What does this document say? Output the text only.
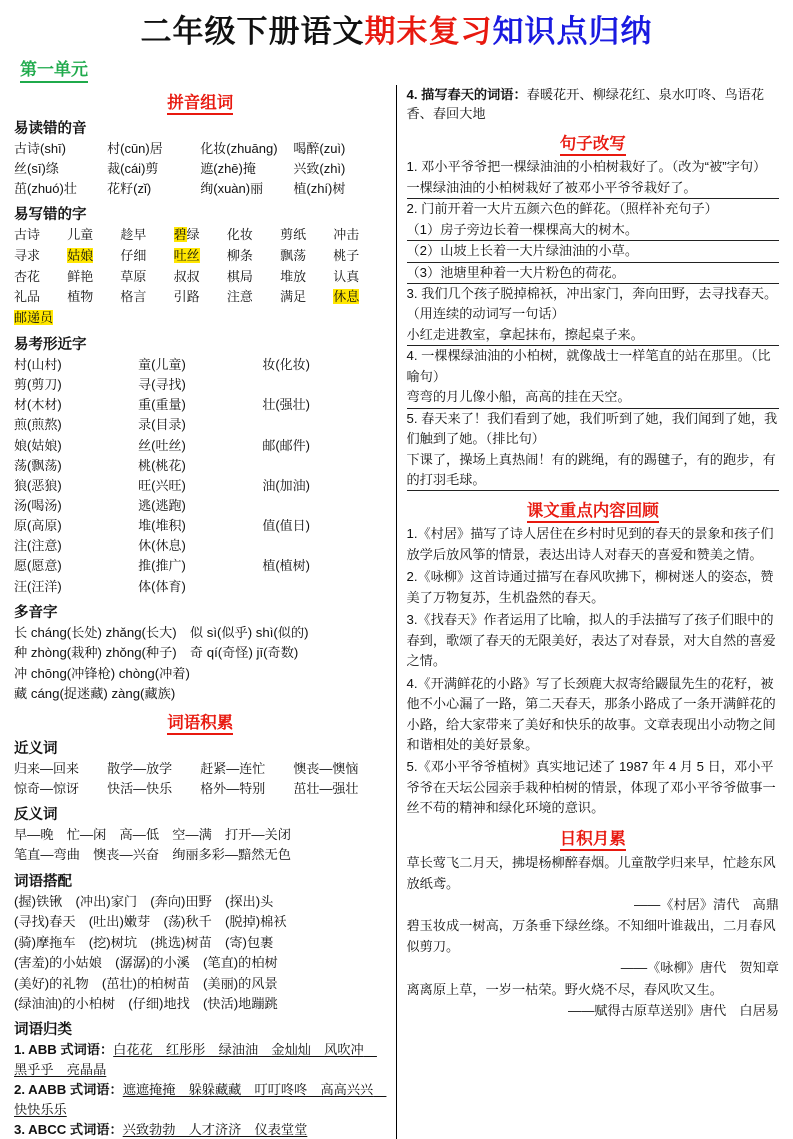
二年级下册语文期末复习知识点归纳
第一单元
拼音组词
易读错的音
古诗(shī)	村(cūn)居	化妆(zhuāng)	喝醉(zuì)
丝(sī)绦	裁(cái)剪	遮(zhē)掩	兴致(zhì)
茁(zhuó)壮	花籽(zǐ)	绚(xuàn)丽	植(zhí)树
易写错的字
古诗	儿童	趁早	碧绿	化妆	剪纸	冲击
寻求	姑娘	仔细	吐丝	柳条	飘荡	桃子
杏花	鲜艳	草原	叔叔	棋局	堆放	认真
礼品	植物	格言	引路	注意	满足	休息
邮递员
易考形近字
村(山村)	童(儿童)	妆(化妆)
剪(剪刀)	寻(寻找)
材(木材)	重(重量)	壮(强壮)
煎(煎熬)	录(目录)
娘(姑娘)	丝(吐丝)	邮(邮件)
荡(飘荡)	桃(桃花)
狼(恶狼)	旺(兴旺)	油(加油)
汤(喝汤)	逃(逃跑)
原(高原)	堆(堆积)	值(值日)
注(注意)	休(休息)
愿(愿意)	推(推广)	植(植树)
汪(汪洋)	体(体育)
多音字
长 cháng(长处) zhǎng(长大)　似 sì(似乎) shì(似的)
种 zhòng(栽种) zhǒng(种子)　奇 qí(奇怪) jī(奇数)
冲 chōng(冲锋枪) chòng(冲着)
藏 cáng(捉迷藏) zàng(藏族)
词语积累
近义词
归来—回来	散学—放学	赶紧—连忙	懊丧—懊恼
惊奇—惊讶	快活—快乐	格外—特别	茁壮—强壮
反义词
早—晚　忙—闲　高—低　空—满　打开—关闭
笔直—弯曲　懊丧—兴奋　绚丽多彩—黯然无色
词语搭配
(握)铁锹　(冲出)家门　(奔向)田野　(探出)头
(寻找)春天　(吐出)嫩芽　(荡)秋千　(脱掉)棉袄
(骑)摩拖车　(挖)树坑　(挑选)树苗　(寄)包裹
(害羞)的小姑娘　(潺潺)的小溪　(笔直)的柏树
(美好)的礼物　(茁壮)的柏树苗　(美丽)的风景
(绿油油)的小柏树　(仔细)地找　(快活)地蹦跳
词语归类
1. ABB 式词语：白花花　红彤彤　绿油油　金灿灿　风吹冲　黑乎乎　亮晶晶
2. AABB 式词语：遮遮掩掩　躲躲藏藏　叮叮咚咚　高高兴兴　快快乐乐
3. ABCC 式词语：兴致勃勃　人才济济　仪表堂堂
4. 描写春天的词语：春暖花开、柳绿花红、泉水叮咚、鸟语花香、春回大地
句子改写
1. 邓小平爷爷把一棵绿油油的小柏树栽好了。（改为“被”字句）
一棵绿油油的小柏树栽好了被邓小平爷爷栽好了。
2. 门前开着一大片五颜六色的鲜花。（照样补充句子）
（1）房子旁边长着一棵棵高大的树木。
（2）山坡上长着一大片绿油油的小草。
（3）池塘里种着一大片粉色的荷花。
3. 我们几个孩子脱掉棉袄，冲出家门，奔向田野，去寻找春天。（用连续的动词写一句话）
小红走进教室，拿起抹布，擦起桌子来。
4. 一棵棵绿油油的小柏树，就像战士一样笔直的站在那里。（比喻句）
弯弯的月儿像小船，高高的挂在天空。
5. 春天来了！我们看到了她，我们听到了她，我们闻到了她，我们触到了她。（排比句）
下课了，操场上真热闹！有的跳绳，有的踢毽子，有的跑步，有的打羽毛球。
课文重点内容回顾
1.《村居》描写了诗人居住在乡村时见到的春天的景象和孩子们放学后放风筝的情景，表达出诗人对春天的喜爱和赞美之情。
2.《咏柳》这首诗通过描写在春风吹拂下，柳树迷人的姿态，赞美了万物复苏，生机盎然的春天。
3.《找春天》作者运用了比喻，拟人的手法描写了孩子们眼中的春到，歌颂了春天的无限美好，表达了对春景，对大自然的喜爱之情。
4.《开满鲜花的小路》写了长颈鹿大叔寄给鼹鼠先生的花籽，被他不小心漏了一路，第二天春天，那条小路成了一条开满鲜花的小路，给大家带来了美好和快乐的故事。文章表现出小动物之间和谐相处的美好景象。
5.《邓小平爷爷植树》真实地记述了 1987 年 4 月 5 日，邓小平爷爷在天坛公园亲手栽种柏树的情景，体现了邓小平爷爷做事一丝不苟的精神和绿化环境的意识。
日积月累
草长莺飞二月天，拂堤杨柳醉春烟。儿童散学归来早，忙趁东风放纸鸢。
——《村居》清代　高鼎
碧玉妆成一树高，万条垂下绿丝绦。不知细叶谁裁出，二月春风似剪刀。
——《咏柳》唐代　贺知章
离离原上草，一岁一枯荣。野火烧不尽，春风吹又生。
——赋得古原草送别》唐代　白居易
